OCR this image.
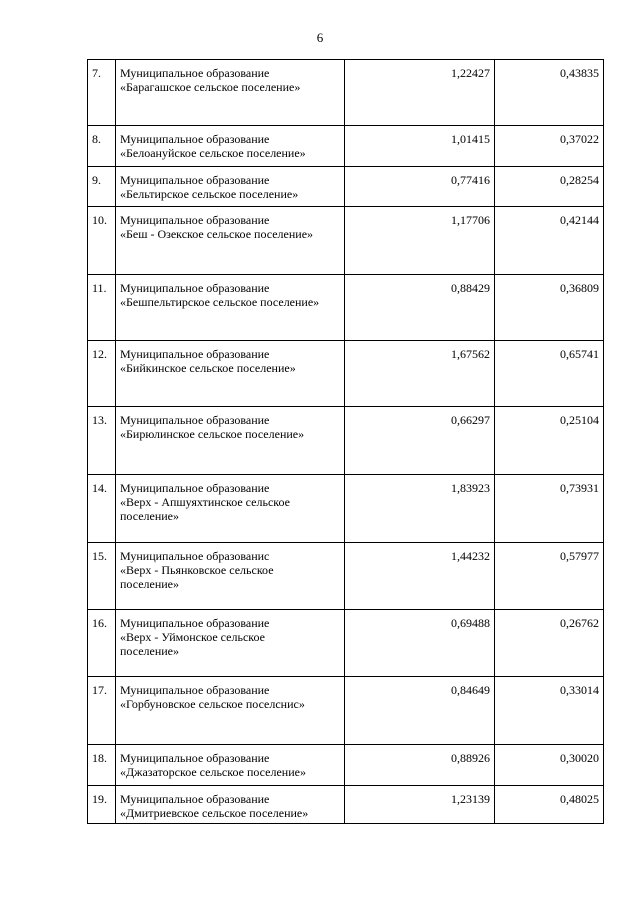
6
7.	Муниципальное образование
«Барагашское сельское поселение»	1,22427	0,43835
8.	Муниципальное образование
«Белоануйское сельское поселение»	1,01415	0,37022
9.	Муниципальное образование
«Бельтирское сельское поселение»	0,77416	0,28254
10.	Муниципальное образование
«Беш - Озекское сельское поселение»	1,17706	0,42144
11.	Муниципальное образование
«Бешпельтирское сельское поселение»	0,88429	0,36809
12.	Муниципальное образование
«Бийкинское сельское поселение»	1,67562	0,65741
13.	Муниципальное образование
«Бирюлинское сельское поселение»	0,66297	0,25104
14.	Муниципальное образование
«Верх - Апшуяхтинское сельское
поселение»	1,83923	0,73931
15.	Муниципальное образованис
«Верх - Пьянковское сельское
поселение»	1,44232	0,57977
16.	Муниципальное образование
«Верх - Уймонское сельское
поселение»	0,69488	0,26762
17.	Муниципальное образование
«Горбуновское сельское поселснис»	0,84649	0,33014
18.	Муниципальное образование
«Джазаторское сельское поселение»	0,88926	0,30020
19.	Муниципальное образование
«Дмитриевское сельское поселение»	1,23139	0,48025
